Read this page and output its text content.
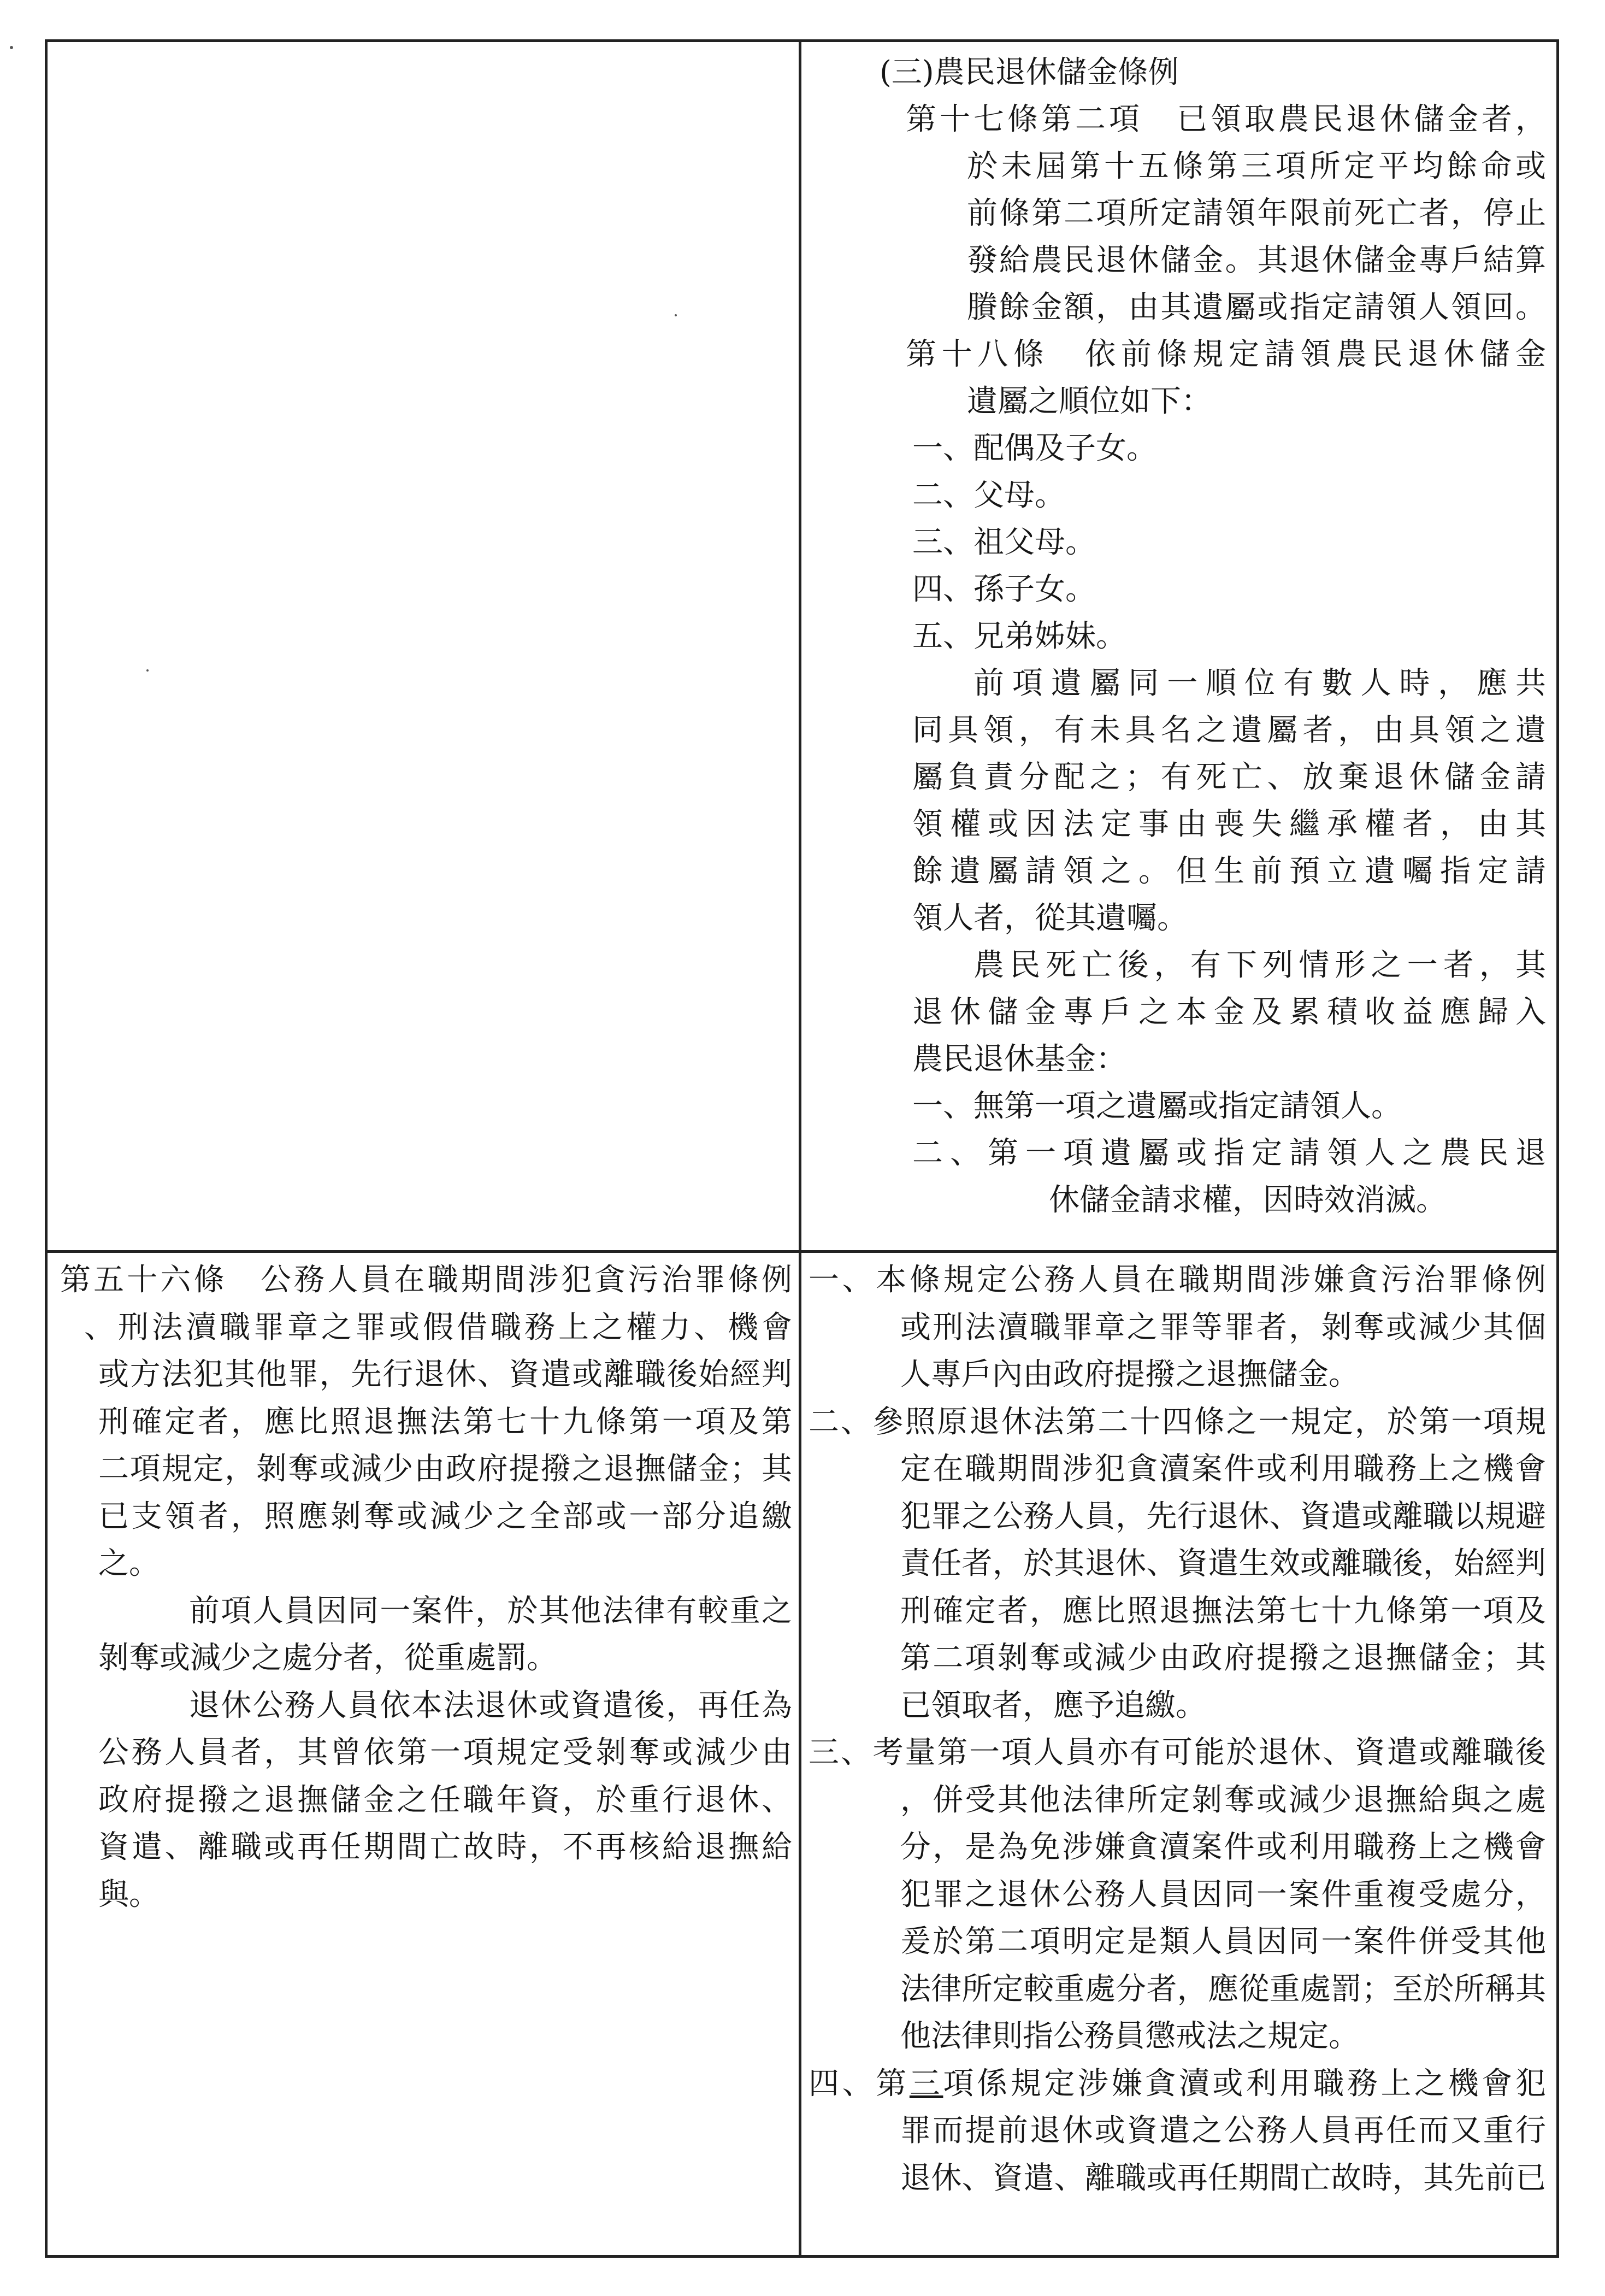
(三)農民退休儲金條例

第十七條第二項　已領取農民退休儲金者，

於未屆第十五條第三項所定平均餘命或

前條第二項所定請領年限前死亡者，停止

發給農民退休儲金。其退休儲金專戶結算

賸餘金額，由其遺屬或指定請領人領回。

第十八條　依前條規定請領農民退休儲金

遺屬之順位如下：

一、配偶及子女。

二、父母。

三、祖父母。

四、孫子女。

五、兄弟姊妹。

前項遺屬同一順位有數人時，應共

同具領，有未具名之遺屬者，由具領之遺

屬負責分配之；有死亡、放棄退休儲金請

領權或因法定事由喪失繼承權者，由其

餘遺屬請領之。但生前預立遺囑指定請

領人者，從其遺囑。

農民死亡後，有下列情形之一者，其

退休儲金專戶之本金及累積收益應歸入

農民退休基金：

一、無第一項之遺屬或指定請領人。

二、第一項遺屬或指定請領人之農民退

休儲金請求權，因時效消滅。

第五十六條　公務人員在職期間涉犯貪污治罪條例

、刑法瀆職罪章之罪或假借職務上之權力、機會

或方法犯其他罪，先行退休、資遣或離職後始經判

刑確定者，應比照退撫法第七十九條第一項及第

二項規定，剝奪或減少由政府提撥之退撫儲金；其

已支領者，照應剝奪或減少之全部或一部分追繳

之。

前項人員因同一案件，於其他法律有較重之

剝奪或減少之處分者，從重處罰。

退休公務人員依本法退休或資遣後，再任為

公務人員者，其曾依第一項規定受剝奪或減少由

政府提撥之退撫儲金之任職年資，於重行退休、

資遣、離職或再任期間亡故時，不再核給退撫給

與。

一、本條規定公務人員在職期間涉嫌貪污治罪條例

或刑法瀆職罪章之罪等罪者，剝奪或減少其個

人專戶內由政府提撥之退撫儲金。

二、參照原退休法第二十四條之一規定，於第一項規

定在職期間涉犯貪瀆案件或利用職務上之機會

犯罪之公務人員，先行退休、資遣或離職以規避

責任者，於其退休、資遣生效或離職後，始經判

刑確定者，應比照退撫法第七十九條第一項及

第二項剝奪或減少由政府提撥之退撫儲金；其

已領取者，應予追繳。

三、考量第一項人員亦有可能於退休、資遣或離職後

，併受其他法律所定剝奪或減少退撫給與之處

分，是為免涉嫌貪瀆案件或利用職務上之機會

犯罪之退休公務人員因同一案件重複受處分，

爰於第二項明定是類人員因同一案件併受其他

法律所定較重處分者，應從重處罰；至於所稱其

他法律則指公務員懲戒法之規定。

四、第三項係規定涉嫌貪瀆或利用職務上之機會犯

罪而提前退休或資遣之公務人員再任而又重行

退休、資遣、離職或再任期間亡故時，其先前已
